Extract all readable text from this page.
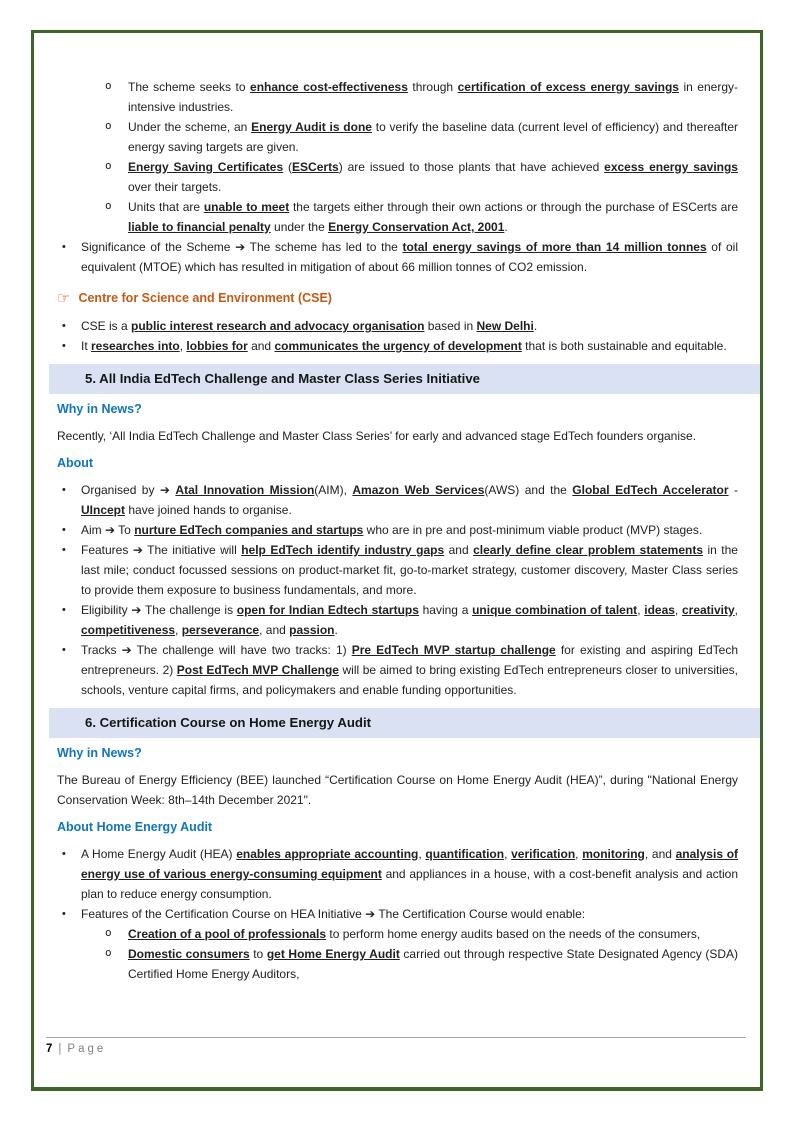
o The scheme seeks to enhance cost-effectiveness through certification of excess energy savings in energy-intensive industries.
o Under the scheme, an Energy Audit is done to verify the baseline data (current level of efficiency) and thereafter energy saving targets are given.
o Energy Saving Certificates (ESCerts) are issued to those plants that have achieved excess energy savings over their targets.
o Units that are unable to meet the targets either through their own actions or through the purchase of ESCerts are liable to financial penalty under the Energy Conservation Act, 2001.
• Significance of the Scheme ➔ The scheme has led to the total energy savings of more than 14 million tonnes of oil equivalent (MTOE) which has resulted in mitigation of about 66 million tonnes of CO2 emission.
☞ Centre for Science and Environment (CSE)
• CSE is a public interest research and advocacy organisation based in New Delhi.
• It researches into, lobbies for and communicates the urgency of development that is both sustainable and equitable.
5. All India EdTech Challenge and Master Class Series Initiative
Why in News?
Recently, ‘All India EdTech Challenge and Master Class Series’ for early and advanced stage EdTech founders organise.
About
• Organised by ➔ Atal Innovation Mission(AIM), Amazon Web Services(AWS) and the Global EdTech Accelerator - UIncept have joined hands to organise.
• Aim ➔ To nurture EdTech companies and startups who are in pre and post-minimum viable product (MVP) stages.
• Features ➔ The initiative will help EdTech identify industry gaps and clearly define clear problem statements in the last mile; conduct focussed sessions on product-market fit, go-to-market strategy, customer discovery, Master Class series to provide them exposure to business fundamentals, and more.
• Eligibility ➔ The challenge is open for Indian Edtech startups having a unique combination of talent, ideas, creativity, competitiveness, perseverance, and passion.
• Tracks ➔ The challenge will have two tracks: 1) Pre EdTech MVP startup challenge for existing and aspiring EdTech entrepreneurs. 2) Post EdTech MVP Challenge will be aimed to bring existing EdTech entrepreneurs closer to universities, schools, venture capital firms, and policymakers and enable funding opportunities.
6. Certification Course on Home Energy Audit
Why in News?
The Bureau of Energy Efficiency (BEE) launched “Certification Course on Home Energy Audit (HEA)”, during "National Energy Conservation Week: 8th–14th December 2021".
About Home Energy Audit
• A Home Energy Audit (HEA) enables appropriate accounting, quantification, verification, monitoring, and analysis of energy use of various energy-consuming equipment and appliances in a house, with a cost-benefit analysis and action plan to reduce energy consumption.
• Features of the Certification Course on HEA Initiative ➔ The Certification Course would enable:
o Creation of a pool of professionals to perform home energy audits based on the needs of the consumers,
o Domestic consumers to get Home Energy Audit carried out through respective State Designated Agency (SDA) Certified Home Energy Auditors,
7 | Page
